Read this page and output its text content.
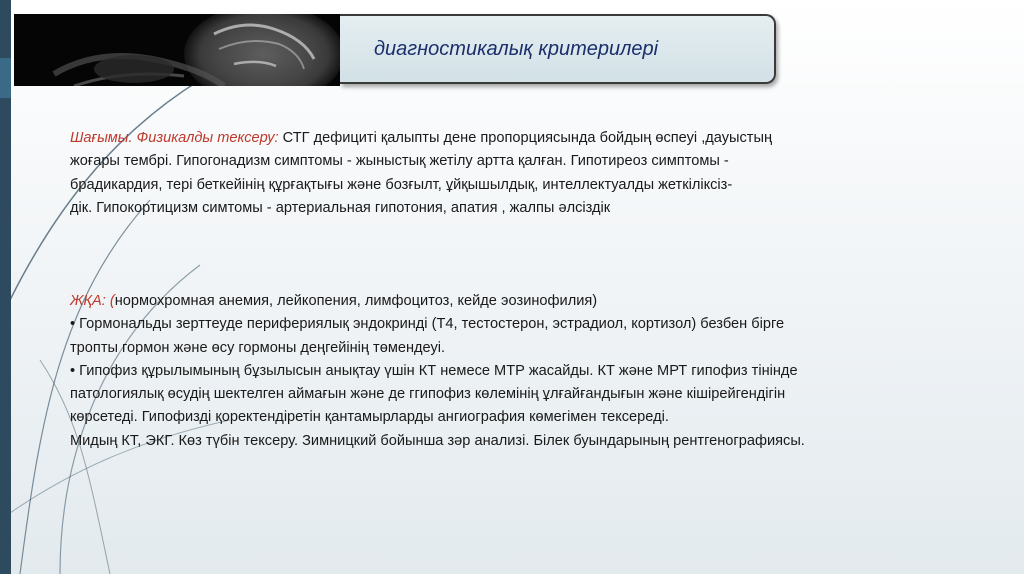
диагностикалық критерилері
Шағымы. Физикалды тексеру: СТГ дефициті қалыпты дене пропорциясында бойдың өспеуі ,дауыстың
жоғары тембрі. Гипогонадизм симптомы - жыныстық жетілу артта қалған. Гипотиреоз симптомы -
брадикардия, тері беткейінің құрғақтығы және бозғылт, ұйқышылдық, интеллектуалды жеткіліксіз-
дік. Гипокортицизм симтомы - артериальная гипотония, апатия , жалпы әлсіздік
ЖҚА: (нормохромная анемия, лейкопения, лимфоцитоз, кейде эозинофилия)
• Гормональды зерттеуде перифериялық эндокринді (Т4, тестостерон, эстрадиол, кортизол) безбен бірге
тропты гормон және өсу гормоны деңгейінің төмендеуі.
• Гипофиз құрылымының бұзылысын анықтау үшін КТ немесе МТР жасайды. КТ және МРТ гипофиз тінінде
патологиялық өсудің шектелген аймағын және де ггипофиз көлемінің ұлғайғандығын және кішірейгендігін
көрсетеді. Гипофизді қоректендіретін қантамырларды ангиография көмегімен тексереді.
Мидың КТ, ЭКГ. Көз түбін тексеру. Зимницкий бойынша зәр анализі. Білек буындарының рентгенографиясы.
